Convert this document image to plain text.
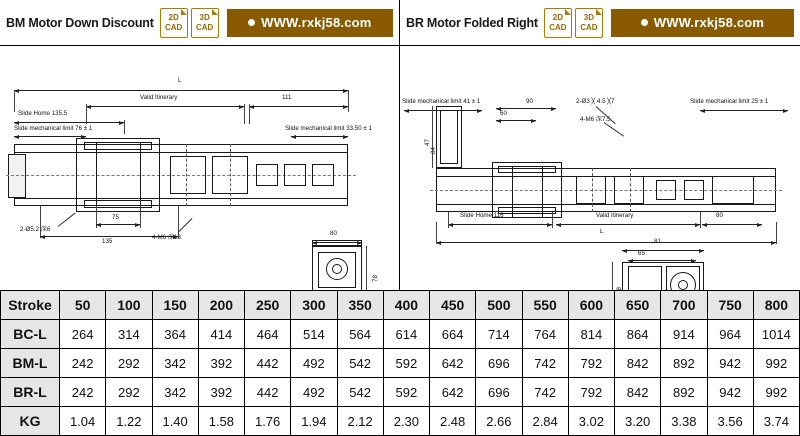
BM Motor Down Discount 2D
CAD
3D
CAD	WWW.rxkj58.com
L
Valid Itinerary	111
Slide Home 135.5
Slide mechanical limit 76 ± 1	Slide mechanical limit 33.50 ± 1
75
135
2-Ø5.2 深6
4-M6 深13
80
78
BR Motor Folded Right 2D
CAD
3D
CAD	WWW.rxkj58.com
Slide mechanical limit 41 ± 1	Slide mechanical limit 25 ± 1
90
60
2-Ø3 ╳ 4.5 ╳7
4-M6 深7.5
84
47
Slide Home 116	Valid Itinerary	80
L
81
65
Stroke	50	100	150	200	250	300	350	400	450	500	550	600	650	700	750	800
BC-L	264	314	364	414	464	514	564	614	664	714	764	814	864	914	964	1014
BM-L	242	292	342	392	442	492	542	592	642	696	742	792	842	892	942	992
BR-L	242	292	342	392	442	492	542	592	642	696	742	792	842	892	942	992
KG	1.04	1.22	1.40	1.58	1.76	1.94	2.12	2.30	2.48	2.66	2.84	3.02	3.20	3.38	3.56	3.74
